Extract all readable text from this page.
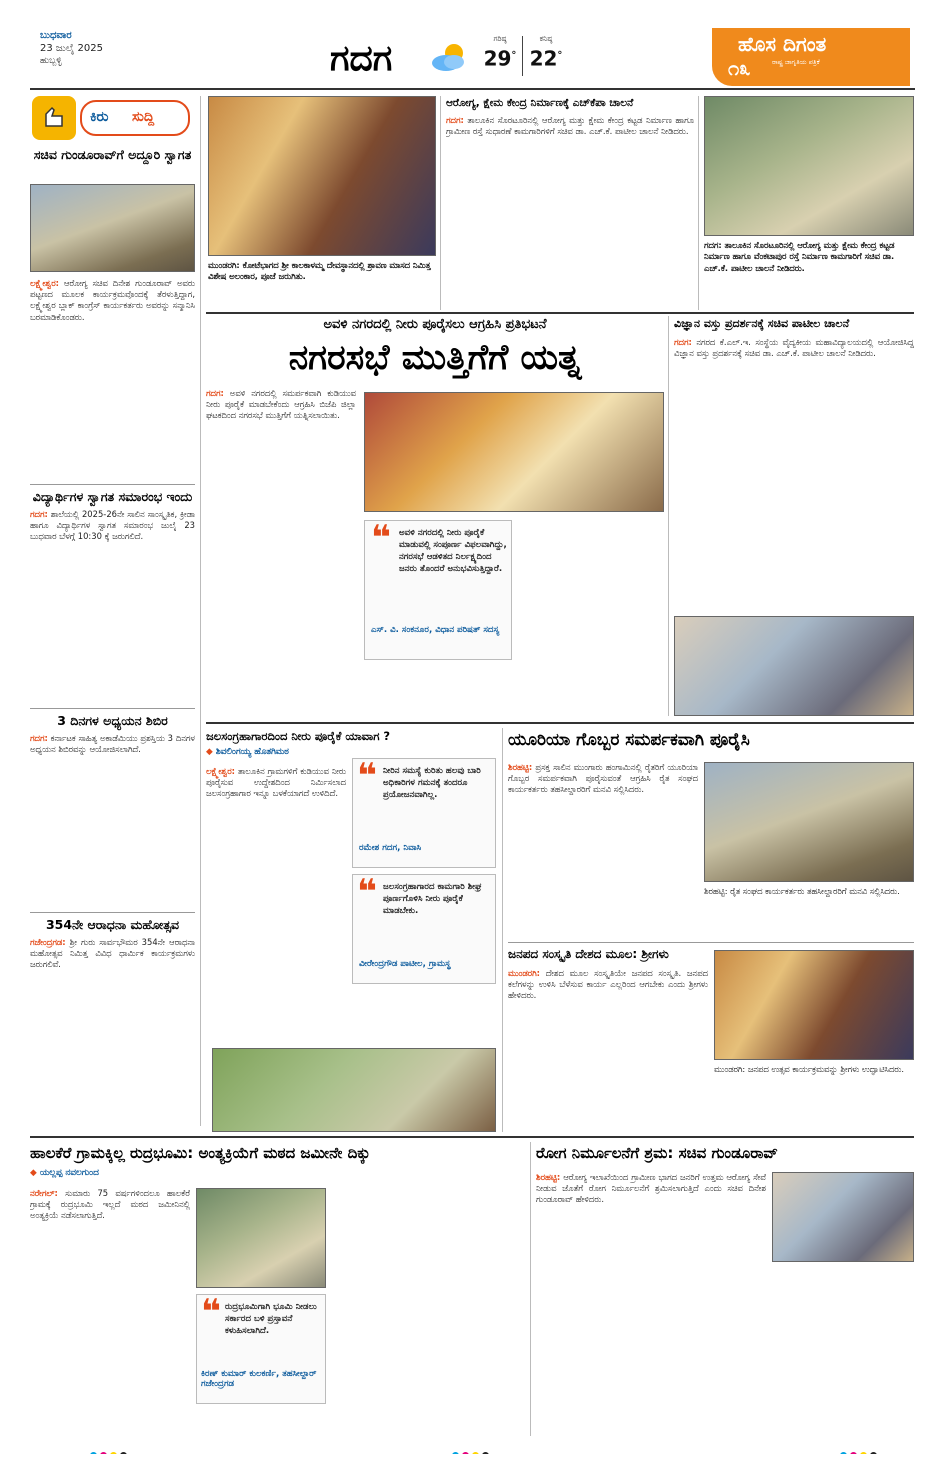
ಬುಧವಾರ
23 ಜುಲೈ 2025
ಹುಬ್ಬಳ್ಳಿ	ಗದಗ	ಗರಿಷ್ಠ
29°
ಕನಿಷ್ಠ
22°	ಹೊಸ ದಿಗಂತ
ರಾಷ್ಟ್ರ ಜಾಗೃತಿಯ ಪತ್ರಿಕೆ
೧೩
ಕಿರು ಸುದ್ದಿ
ಸಚಿವ ಗುಂಡೂರಾವ್‌ಗೆ ಅದ್ದೂರಿ ಸ್ವಾಗತ
ಲಕ್ಷ್ಮೇಶ್ವರ: ಆರೋಗ್ಯ ಸಚಿವ ದಿನೇಶ ಗುಂಡೂರಾವ್ ಅವರು ಪಟ್ಟಣದ ಮೂಲಕ ಕಾರ್ಯಕ್ರಮವೊಂದಕ್ಕೆ ತೆರಳುತ್ತಿದ್ದಾಗ, ಲಕ್ಷ್ಮೇಶ್ವರ ಬ್ಲಾಕ್ ಕಾಂಗ್ರೆಸ್ ಕಾರ್ಯಕರ್ತರು ಅವರನ್ನು ಸನ್ಮಾನಿಸಿ ಬರಮಾಡಿಕೊಂಡರು.
ವಿದ್ಯಾರ್ಥಿಗಳ ಸ್ವಾಗತ ಸಮಾರಂಭ ಇಂದು
ಗದಗ: ಶಾಲೆಯಲ್ಲಿ 2025-26ನೇ ಸಾಲಿನ ಸಾಂಸ್ಕೃತಿಕ, ಕ್ರೀಡಾ ಹಾಗೂ ವಿದ್ಯಾರ್ಥಿಗಳ ಸ್ವಾಗತ ಸಮಾರಂಭ ಜುಲೈ 23 ಬುಧವಾರ ಬೆಳಗ್ಗೆ 10:30 ಕ್ಕೆ ಜರುಗಲಿದೆ.
3 ದಿನಗಳ ಅಧ್ಯಯನ ಶಿಬಿರ
ಗದಗ: ಕರ್ನಾಟಕ ಸಾಹಿತ್ಯ ಅಕಾಡೆಮಿಯು ಪ್ರಶಸ್ತಿಯ 3 ದಿನಗಳ ಅಧ್ಯಯನ ಶಿಬಿರವನ್ನು ಆಯೋಜಿಸಲಾಗಿದೆ.
354ನೇ ಆರಾಧನಾ ಮಹೋತ್ಸವ
ಗಜೇಂದ್ರಗಡ: ಶ್ರೀ ಗುರು ಸಾರ್ವಭೌಮರ 354ನೇ ಆರಾಧನಾ ಮಹೋತ್ಸವ ನಿಮಿತ್ತ ವಿವಿಧ ಧಾರ್ಮಿಕ ಕಾರ್ಯಕ್ರಮಗಳು ಜರುಗಲಿವೆ.
ಮುಂಡರಗಿ: ಕೋಟೆಭಾಗದ ಶ್ರೀ ಕಾಲಕಾಳಮ್ಮ ದೇವಸ್ಥಾನದಲ್ಲಿ ಶ್ರಾವಣ ಮಾಸದ ನಿಮಿತ್ತ ವಿಶೇಷ ಅಲಂಕಾರ, ಪೂಜೆ ಜರುಗಿತು.
ಆರೋಗ್ಯ, ಕ್ಷೇಮ ಕೇಂದ್ರ ನಿರ್ಮಾಣಕ್ಕೆ ಎಚ್‌ಕೆಪಾ ಚಾಲನೆ
ಗದಗ: ತಾಲೂಕಿನ ಸೊರಟೂರಿನಲ್ಲಿ ಆರೋಗ್ಯ ಮತ್ತು ಕ್ಷೇಮ ಕೇಂದ್ರ ಕಟ್ಟಡ ನಿರ್ಮಾಣ ಹಾಗೂ ಗ್ರಾಮೀಣ ರಸ್ತೆ ಸುಧಾರಣೆ ಕಾಮಗಾರಿಗಳಿಗೆ ಸಚಿವ ಡಾ. ಎಚ್.ಕೆ. ಪಾಟೀಲ ಚಾಲನೆ ನೀಡಿದರು.
ಗದಗ: ತಾಲೂಕಿನ ಸೊರಟೂರಿನಲ್ಲಿ ಆರೋಗ್ಯ ಮತ್ತು ಕ್ಷೇಮ ಕೇಂದ್ರ ಕಟ್ಟಡ ನಿರ್ಮಾಣ ಹಾಗೂ ವೆಂಕಟಾಪುರ ರಸ್ತೆ ನಿರ್ಮಾಣ ಕಾಮಗಾರಿಗೆ ಸಚಿವ ಡಾ. ಎಚ್.ಕೆ. ಪಾಟೀಲ ಚಾಲನೆ ನೀಡಿದರು.
ಅವಳಿ ನಗರದಲ್ಲಿ ನೀರು ಪೂರೈಸಲು ಆಗ್ರಹಿಸಿ ಪ್ರತಿಭಟನೆ
ನಗರಸಭೆ ಮುತ್ತಿಗೆಗೆ ಯತ್ನ
ಗದಗ: ಅವಳಿ ನಗರದಲ್ಲಿ ಸಮರ್ಪಕವಾಗಿ ಕುಡಿಯುವ ನೀರು ಪೂರೈಕೆ ಮಾಡಬೇಕೆಂದು ಆಗ್ರಹಿಸಿ ಬಿಜೆಪಿ ಜಿಲ್ಲಾ ಘಟಕದಿಂದ ನಗರಸಭೆ ಮುತ್ತಿಗೆಗೆ ಯತ್ನಿಸಲಾಯಿತು.
❝ ಅವಳಿ ನಗರದಲ್ಲಿ ನೀರು ಪೂರೈಕೆ ಮಾಡುವಲ್ಲಿ ಸಂಪೂರ್ಣ ವಿಫಲವಾಗಿದ್ದು, ನಗರಸಭೆ ಆಡಳಿತದ ನಿರ್ಲಕ್ಷ್ಯದಿಂದ ಜನರು ತೊಂದರೆ ಅನುಭವಿಸುತ್ತಿದ್ದಾರೆ.
ಎಸ್. ವಿ. ಸಂಕನೂರ, ವಿಧಾನ ಪರಿಷತ್ ಸದಸ್ಯ
ವಿಜ್ಞಾನ ವಸ್ತು ಪ್ರದರ್ಶನಕ್ಕೆ ಸಚಿವ ಪಾಟೀಲ ಚಾಲನೆ
ಗದಗ: ನಗರದ ಕೆ.ಎಲ್.ಇ. ಸಂಸ್ಥೆಯ ವೈದ್ಯಕೀಯ ಮಹಾವಿದ್ಯಾಲಯದಲ್ಲಿ ಆಯೋಜಿಸಿದ್ದ ವಿಜ್ಞಾನ ವಸ್ತು ಪ್ರದರ್ಶನಕ್ಕೆ ಸಚಿವ ಡಾ. ಎಚ್.ಕೆ. ಪಾಟೀಲ ಚಾಲನೆ ನೀಡಿದರು.
ಜಲಸಂಗ್ರಹಾಗಾರದಿಂದ ನೀರು ಪೂರೈಕೆ ಯಾವಾಗ ?
◆ ಶಿವಲಿಂಗಯ್ಯ ಹೊತಗಿಮಠ
ಲಕ್ಷ್ಮೇಶ್ವರ: ತಾಲೂಕಿನ ಗ್ರಾಮಗಳಿಗೆ ಕುಡಿಯುವ ನೀರು ಪೂರೈಸುವ ಉದ್ದೇಶದಿಂದ ನಿರ್ಮಿಸಲಾದ ಜಲಸಂಗ್ರಹಾಗಾರ ಇನ್ನೂ ಬಳಕೆಯಾಗದೆ ಉಳಿದಿದೆ. ❝ ನೀರಿನ ಸಮಸ್ಯೆ ಕುರಿತು ಹಲವು ಬಾರಿ ಅಧಿಕಾರಿಗಳ ಗಮನಕ್ಕೆ ತಂದರೂ ಪ್ರಯೋಜನವಾಗಿಲ್ಲ.
ರಮೇಶ ಗದಗ, ನಿವಾಸಿ
❝ ಜಲಸಂಗ್ರಹಾಗಾರದ ಕಾಮಗಾರಿ ಶೀಘ್ರ ಪೂರ್ಣಗೊಳಿಸಿ ನೀರು ಪೂರೈಕೆ ಮಾಡಬೇಕು.
ವೀರೇಂದ್ರಗೌಡ ಪಾಟೀಲ, ಗ್ರಾಮಸ್ಥ
ಯೂರಿಯಾ ಗೊಬ್ಬರ ಸಮರ್ಪಕವಾಗಿ ಪೂರೈಸಿ
ಶಿರಹಟ್ಟಿ: ಪ್ರಸಕ್ತ ಸಾಲಿನ ಮುಂಗಾರು ಹಂಗಾಮಿನಲ್ಲಿ ರೈತರಿಗೆ ಯೂರಿಯಾ ಗೊಬ್ಬರ ಸಮರ್ಪಕವಾಗಿ ಪೂರೈಸುವಂತೆ ಆಗ್ರಹಿಸಿ ರೈತ ಸಂಘದ ಕಾರ್ಯಕರ್ತರು ತಹಸೀಲ್ದಾರರಿಗೆ ಮನವಿ ಸಲ್ಲಿಸಿದರು.
ಶಿರಹಟ್ಟಿ: ರೈತ ಸಂಘದ ಕಾರ್ಯಕರ್ತರು ತಹಸೀಲ್ದಾರರಿಗೆ ಮನವಿ ಸಲ್ಲಿಸಿದರು.
ಜನಪದ ಸಂಸ್ಕೃತಿ ದೇಶದ ಮೂಲ: ಶ್ರೀಗಳು
ಮುಂಡರಗಿ: ದೇಶದ ಮೂಲ ಸಂಸ್ಕೃತಿಯೇ ಜನಪದ ಸಂಸ್ಕೃತಿ. ಜನಪದ ಕಲೆಗಳನ್ನು ಉಳಿಸಿ ಬೆಳೆಸುವ ಕಾರ್ಯ ಎಲ್ಲರಿಂದ ಆಗಬೇಕು ಎಂದು ಶ್ರೀಗಳು ಹೇಳಿದರು.
ಮುಂಡರಗಿ: ಜನಪದ ಉತ್ಸವ ಕಾರ್ಯಕ್ರಮವನ್ನು ಶ್ರೀಗಳು ಉದ್ಘಾಟಿಸಿದರು.
ಹಾಲಕೆರೆ ಗ್ರಾಮಕ್ಕಿಲ್ಲ ರುದ್ರಭೂಮಿ: ಅಂತ್ಯಕ್ರಿಯೆಗೆ ಮಠದ ಜಮೀನೇ ದಿಕ್ಕು
◆ ಯಲ್ಲಪ್ಪ ನವಲಗುಂದ
ನರೇಗಲ್: ಸುಮಾರು 75 ವರ್ಷಗಳಿಂದಲೂ ಹಾಲಕೆರೆ ಗ್ರಾಮಕ್ಕೆ ರುದ್ರಭೂಮಿ ಇಲ್ಲದೆ ಮಠದ ಜಮೀನಿನಲ್ಲಿ ಅಂತ್ಯಕ್ರಿಯೆ ನಡೆಸಲಾಗುತ್ತಿದೆ.
❝ ರುದ್ರಭೂಮಿಗಾಗಿ ಭೂಮಿ ನೀಡಲು ಸರ್ಕಾರದ ಬಳಿ ಪ್ರಸ್ತಾವನೆ ಕಳುಹಿಸಲಾಗಿದೆ.
ಕಿರಣ್ ಕುಮಾರ್ ಕುಲಕರ್ಣಿ, ತಹಸೀಲ್ದಾರ್ ಗಜೇಂದ್ರಗಡ
ರೋಗ ನಿರ್ಮೂಲನೆಗೆ ಶ್ರಮ: ಸಚಿವ ಗುಂಡೂರಾವ್
ಶಿರಹಟ್ಟಿ: ಆರೋಗ್ಯ ಇಲಾಖೆಯಿಂದ ಗ್ರಾಮೀಣ ಭಾಗದ ಜನರಿಗೆ ಉತ್ತಮ ಆರೋಗ್ಯ ಸೇವೆ ನೀಡುವ ಜೊತೆಗೆ ರೋಗ ನಿರ್ಮೂಲನೆಗೆ ಶ್ರಮಿಸಲಾಗುತ್ತಿದೆ ಎಂದು ಸಚಿವ ದಿನೇಶ ಗುಂಡೂರಾವ್ ಹೇಳಿದರು.
